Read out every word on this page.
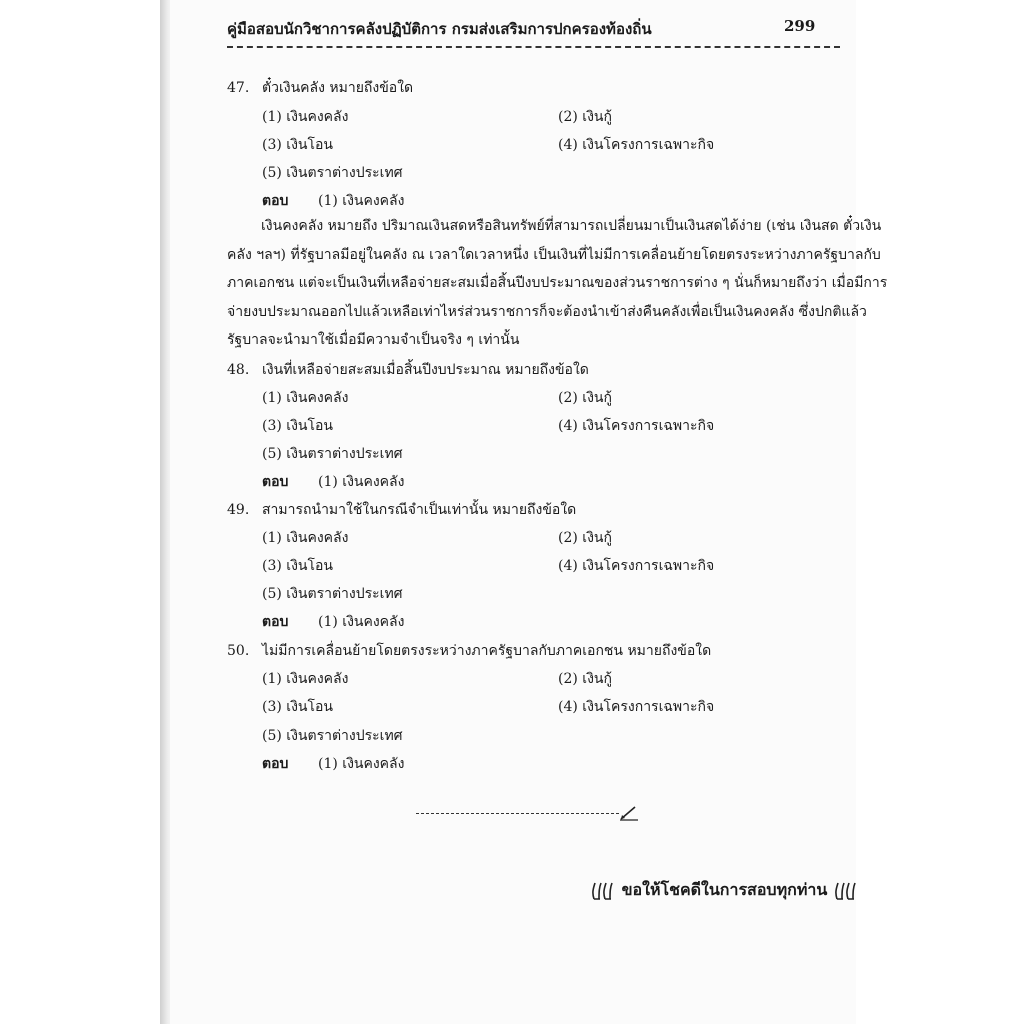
คู่มือสอบนักวิชาการคลังปฏิบัติการ กรมส่งเสริมการปกครองท้องถิ่น	299
47. ตั๋วเงินคลัง หมายถึงข้อใด
(1) เงินคงคลัง	(2) เงินกู้
(3) เงินโอน	(4) เงินโครงการเฉพาะกิจ
(5) เงินตราต่างประเทศ
ตอบ (1) เงินคงคลัง
เงินคงคลัง หมายถึง ปริมาณเงินสดหรือสินทรัพย์ที่สามารถเปลี่ยนมาเป็นเงินสดได้ง่าย (เช่น เงินสด ตั๋วเงิน
คลัง ฯลฯ) ที่รัฐบาลมีอยู่ในคลัง ณ เวลาใดเวลาหนึ่ง เป็นเงินที่ไม่มีการเคลื่อนย้ายโดยตรงระหว่างภาครัฐบาลกับ
ภาคเอกชน แต่จะเป็นเงินที่เหลือจ่ายสะสมเมื่อสิ้นปีงบประมาณของส่วนราชการต่าง ๆ นั่นก็หมายถึงว่า เมื่อมีการ
จ่ายงบประมาณออกไปแล้วเหลือเท่าไหร่ส่วนราชการก็จะต้องนำเข้าส่งคืนคลังเพื่อเป็นเงินคงคลัง ซึ่งปกติแล้ว
รัฐบาลจะนำมาใช้เมื่อมีความจำเป็นจริง ๆ เท่านั้น
48. เงินที่เหลือจ่ายสะสมเมื่อสิ้นปีงบประมาณ หมายถึงข้อใด
(1) เงินคงคลัง	(2) เงินกู้
(3) เงินโอน	(4) เงินโครงการเฉพาะกิจ
(5) เงินตราต่างประเทศ
ตอบ (1) เงินคงคลัง
49. สามารถนำมาใช้ในกรณีจำเป็นเท่านั้น หมายถึงข้อใด
(1) เงินคงคลัง	(2) เงินกู้
(3) เงินโอน	(4) เงินโครงการเฉพาะกิจ
(5) เงินตราต่างประเทศ
ตอบ (1) เงินคงคลัง
50. ไม่มีการเคลื่อนย้ายโดยตรงระหว่างภาครัฐบาลกับภาคเอกชน หมายถึงข้อใด
(1) เงินคงคลัง	(2) เงินกู้
(3) เงินโอน	(4) เงินโครงการเฉพาะกิจ
(5) เงินตราต่างประเทศ
ตอบ (1) เงินคงคลัง
ขอให้โชคดีในการสอบทุกท่าน
